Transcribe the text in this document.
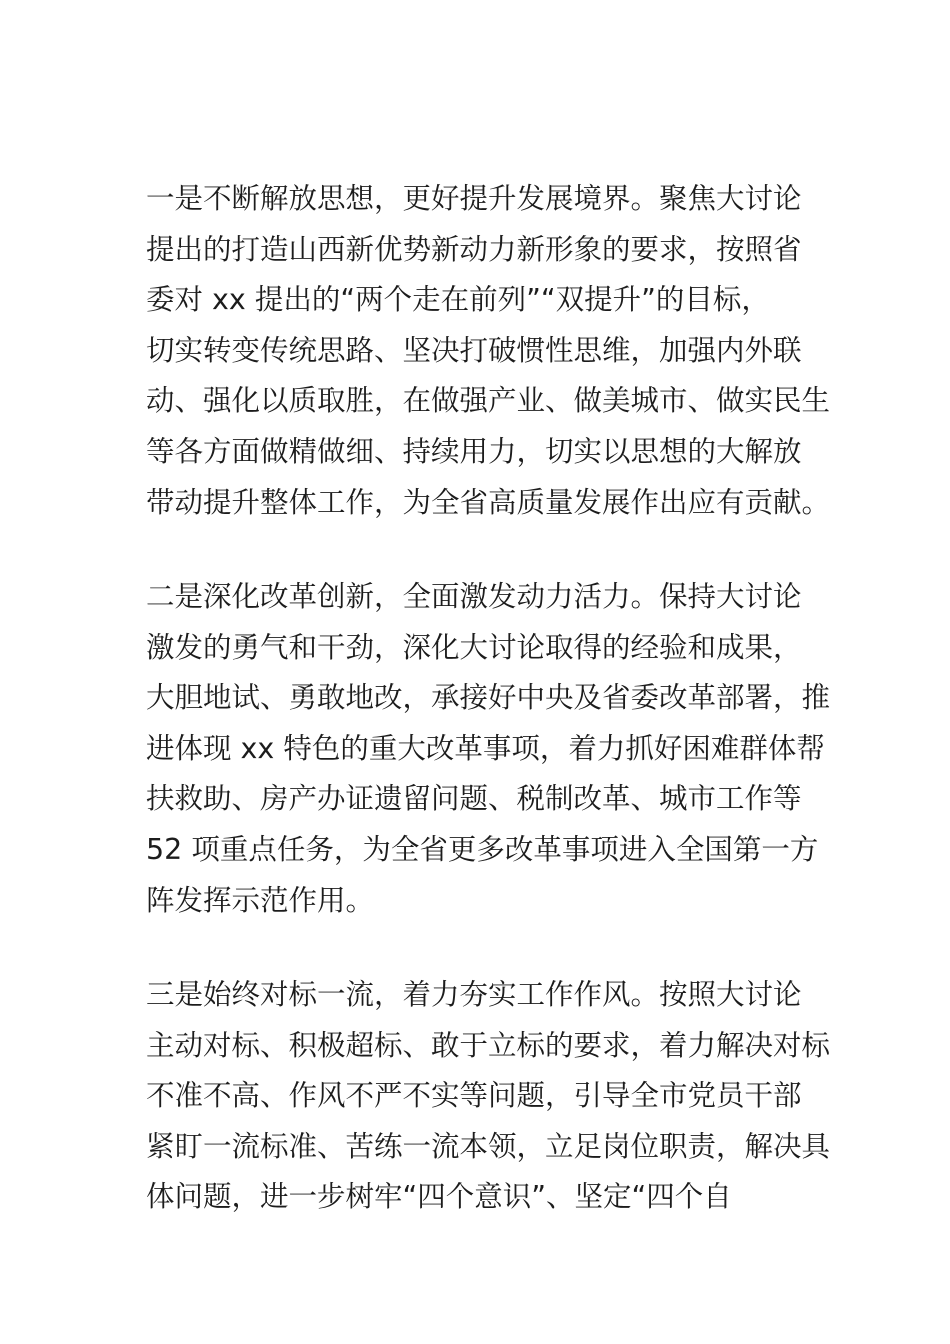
一是不断解放思想，更好提升发展境界。聚焦大讨论
提出的打造山西新优势新动力新形象的要求，按照省
委对 xx 提出的“两个走在前列”“双提升”的目标，
切实转变传统思路、坚决打破惯性思维，加强内外联
动、强化以质取胜，在做强产业、做美城市、做实民生
等各方面做精做细、持续用力，切实以思想的大解放
带动提升整体工作，为全省高质量发展作出应有贡献。
二是深化改革创新，全面激发动力活力。保持大讨论
激发的勇气和干劲，深化大讨论取得的经验和成果，
大胆地试、勇敢地改，承接好中央及省委改革部署，推
进体现 xx 特色的重大改革事项，着力抓好困难群体帮
扶救助、房产办证遗留问题、税制改革、城市工作等
52 项重点任务，为全省更多改革事项进入全国第一方
阵发挥示范作用。
三是始终对标一流，着力夯实工作作风。按照大讨论
主动对标、积极超标、敢于立标的要求，着力解决对标
不准不高、作风不严不实等问题，引导全市党员干部
紧盯一流标准、苦练一流本领，立足岗位职责，解决具
体问题，进一步树牢“四个意识”、坚定“四个自
